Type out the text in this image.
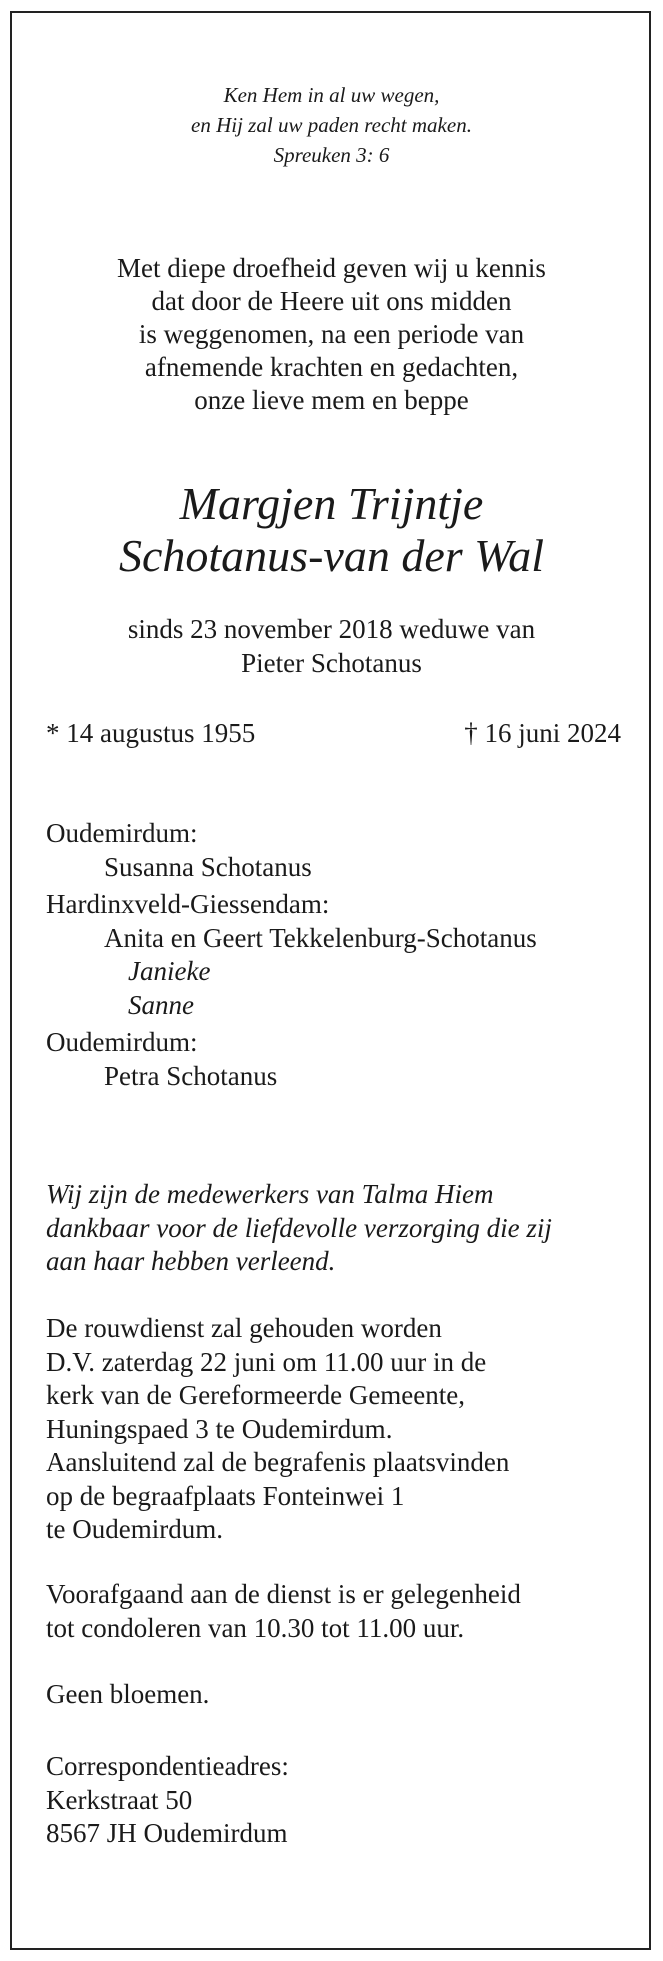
Ken Hem in al uw wegen,
en Hij zal uw paden recht maken.
Spreuken 3: 6
Met diepe droefheid geven wij u kennis
dat door de Heere uit ons midden
is weggenomen, na een periode van
afnemende krachten en gedachten,
onze lieve mem en beppe
Margjen Trijntje
Schotanus-van der Wal
sinds 23 november 2018 weduwe van
Pieter Schotanus
* 14 augustus 1955	† 16 juni 2024
Oudemirdum:
Susanna Schotanus
Hardinxveld-Giessendam:
Anita en Geert Tekkelenburg-Schotanus
Janieke
Sanne
Oudemirdum:
Petra Schotanus
Wij zijn de medewerkers van Talma Hiem
dankbaar voor de liefdevolle verzorging die zij
aan haar hebben verleend.
De rouwdienst zal gehouden worden
D.V. zaterdag 22 juni om 11.00 uur in de
kerk van de Gereformeerde Gemeente,
Huningspaed 3 te Oudemirdum.
Aansluitend zal de begrafenis plaatsvinden
op de begraafplaats Fonteinwei 1
te Oudemirdum.
Voorafgaand aan de dienst is er gelegenheid
tot condoleren van 10.30 tot 11.00 uur.
Geen bloemen.
Correspondentieadres:
Kerkstraat 50
8567 JH Oudemirdum
